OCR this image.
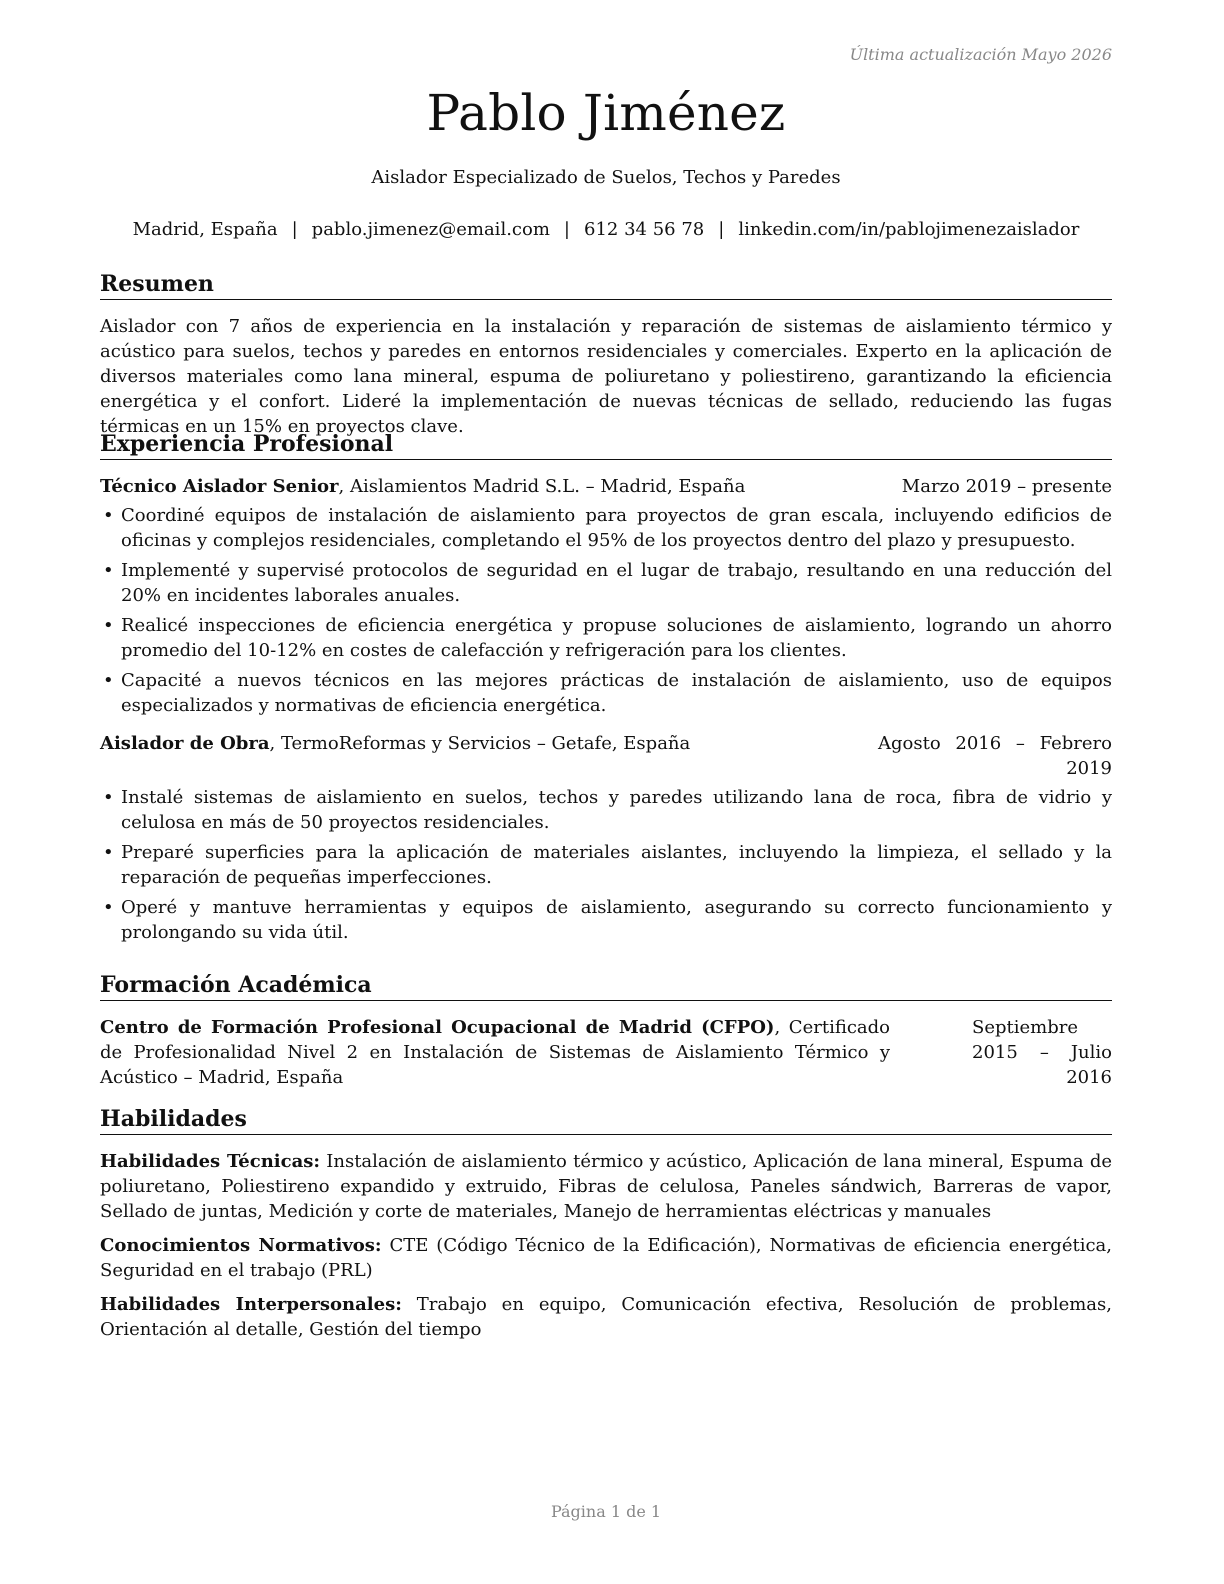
Última actualización Mayo 2026
Pablo Jiménez
Aislador Especializado de Suelos, Techos y Paredes
Madrid, España | pablo.jimenez@email.com | 612 34 56 78 | linkedin.com/in/pablojimenezaislador
Resumen

Aislador con 7 años de experiencia en la instalación y reparación de sistemas de aislamiento térmico y acústico para suelos, techos y paredes en entornos residenciales y comerciales. Experto en la aplicación de diversos materiales como lana mineral, espuma de poliuretano y poliestireno, garantizando la eficiencia energética y el confort. Lideré la implementación de nuevas técnicas de sellado, reduciendo las fugas térmicas en un 15% en proyectos clave.

Experiencia Profesional
Técnico Aislador Senior, Aislamientos Madrid S.L. – Madrid, España	Marzo 2019 – presente
• Coordiné equipos de instalación de aislamiento para proyectos de gran escala, incluyendo edificios de oficinas y complejos residenciales, completando el 95% de los proyectos dentro del plazo y presupuesto.
• Implementé y supervisé protocolos de seguridad en el lugar de trabajo, resultando en una reducción del 20% en incidentes laborales anuales.
• Realicé inspecciones de eficiencia energética y propuse soluciones de aislamiento, logrando un ahorro promedio del 10-12% en costes de calefacción y refrigeración para los clientes.
• Capacité a nuevos técnicos en las mejores prácticas de instalación de aislamiento, uso de equipos especializados y normativas de eficiencia energética.
Aislador de Obra, TermoReformas y Servicios – Getafe, España	Agosto 2016 – Febrero 2019
• Instalé sistemas de aislamiento en suelos, techos y paredes utilizando lana de roca, fibra de vidrio y celulosa en más de 50 proyectos residenciales.
• Preparé superficies para la aplicación de materiales aislantes, incluyendo la limpieza, el sellado y la reparación de pequeñas imperfecciones.
• Operé y mantuve herramientas y equipos de aislamiento, asegurando su correcto funcionamiento y prolongando su vida útil.
Formación Académica
Centro de Formación Profesional Ocupacional de Madrid (CFPO), Certificado de Profesionalidad Nivel 2 en Instalación de Sistemas de Aislamiento Térmico y Acústico – Madrid, España
Septiembre 2015 – Julio 2016
Habilidades

Habilidades Técnicas: Instalación de aislamiento térmico y acústico, Aplicación de lana mineral, Espuma de poliuretano, Poliestireno expandido y extruido, Fibras de celulosa, Paneles sándwich, Barreras de vapor, Sellado de juntas, Medición y corte de materiales, Manejo de herramientas eléctricas y manuales

Conocimientos Normativos: CTE (Código Técnico de la Edificación), Normativas de eficiencia energética, Seguridad en el trabajo (PRL)

Habilidades Interpersonales: Trabajo en equipo, Comunicación efectiva, Resolución de problemas, Orientación al detalle, Gestión del tiempo

Página 1 de 1
